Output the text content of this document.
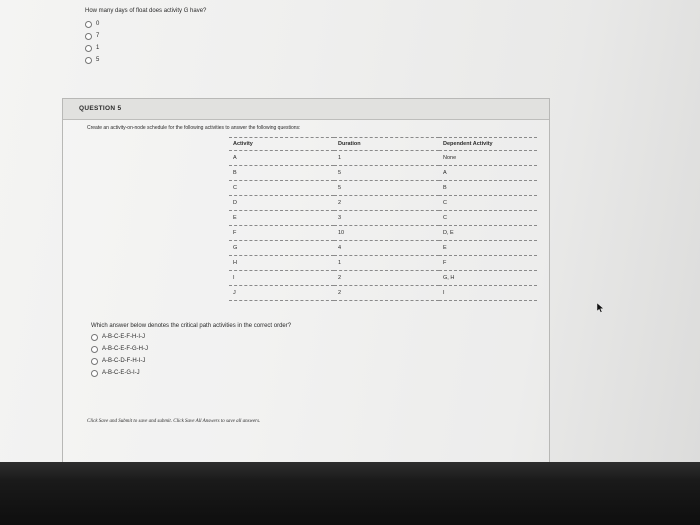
How many days of float does activity G have?
0
7
1
5
QUESTION 5
Create an activity-on-node schedule for the following activities to answer the following questions:
Activity	Duration	Dependent Activity
A	1	None
B	5	A
C	5	B
D	2	C
E	3	C
F	10	D, E
G	4	E
H	1	F
I	2	G, H
J	2	I
Which answer below denotes the critical path activities in the correct order?
A-B-C-E-F-H-I-J
A-B-C-E-F-G-H-J
A-B-C-D-F-H-I-J
A-B-C-E-G-I-J
Click Save and Submit to save and submit. Click Save All Answers to save all answers.
